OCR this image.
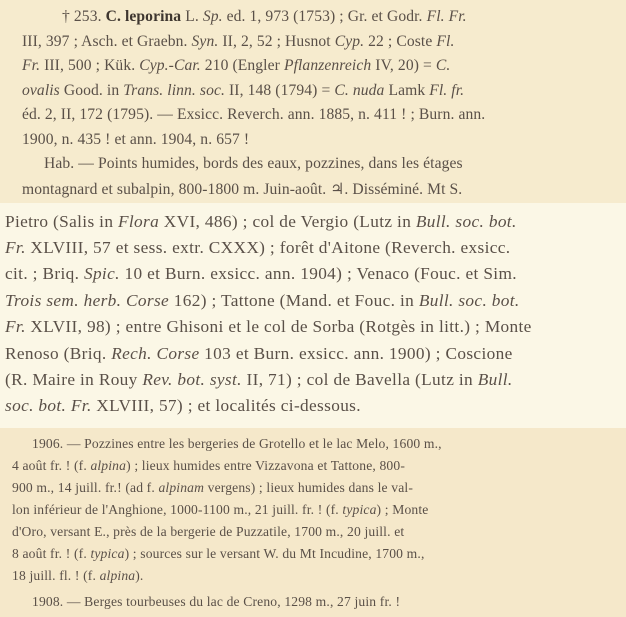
† 253. C. leporina L. Sp. ed. 1, 973 (1753) ; Gr. et Godr. Fl. Fr.
III, 397 ; Asch. et Graebn. Syn. II, 2, 52 ; Husnot Cyp. 22 ; Coste Fl.
Fr. III, 500 ; Kük. Cyp.-Car. 210 (Engler Pflanzenreich IV, 20) = C.
ovalis Good. in Trans. linn. soc. II, 148 (1794) = C. nuda Lamk Fl. fr.
éd. 2, II, 172 (1795). — Exsicc. Reverch. ann. 1885, n. 411 ! ; Burn. ann.
1900, n. 435 ! et ann. 1904, n. 657 !
Hab. — Points humides, bords des eaux, pozzines, dans les étages
montagnard et subalpin, 800-1800 m. Juin-août. ♃. Disséminé. Mt S.
Pietro (Salis in Flora XVI, 486) ; col de Vergio (Lutz in Bull. soc. bot.
Fr. XLVIII, 57 et sess. extr. CXXX) ; forêt d'Aitone (Reverch. exsicc.
cit. ; Briq. Spic. 10 et Burn. exsicc. ann. 1904) ; Venaco (Fouc. et Sim.
Trois sem. herb. Corse 162) ; Tattone (Mand. et Fouc. in Bull. soc. bot.
Fr. XLVII, 98) ; entre Ghisoni et le col de Sorba (Rotgès in litt.) ; Monte
Renoso (Briq. Rech. Corse 103 et Burn. exsicc. ann. 1900) ; Coscione
(R. Maire in Rouy Rev. bot. syst. II, 71) ; col de Bavella (Lutz in Bull.
soc. bot. Fr. XLVIII, 57) ; et localités ci-dessous.
1906. — Pozzines entre les bergeries de Grotello et le lac Melo, 1600 m.,
4 août fr. ! (f. alpina) ; lieux humides entre Vizzavona et Tattone, 800-
900 m., 14 juill. fr.! (ad f. alpinam vergens) ; lieux humides dans le val-
lon inférieur de l'Anghione, 1000-1100 m., 21 juill. fr. ! (f. typica) ; Monte
d'Oro, versant E., près de la bergerie de Puzzatile, 1700 m., 20 juill. et
8 août fr. ! (f. typica) ; sources sur le versant W. du Mt Incudine, 1700 m.,
18 juill. fl. ! (f. alpina).
1908. — Berges tourbeuses du lac de Creno, 1298 m., 27 juin fr. !
